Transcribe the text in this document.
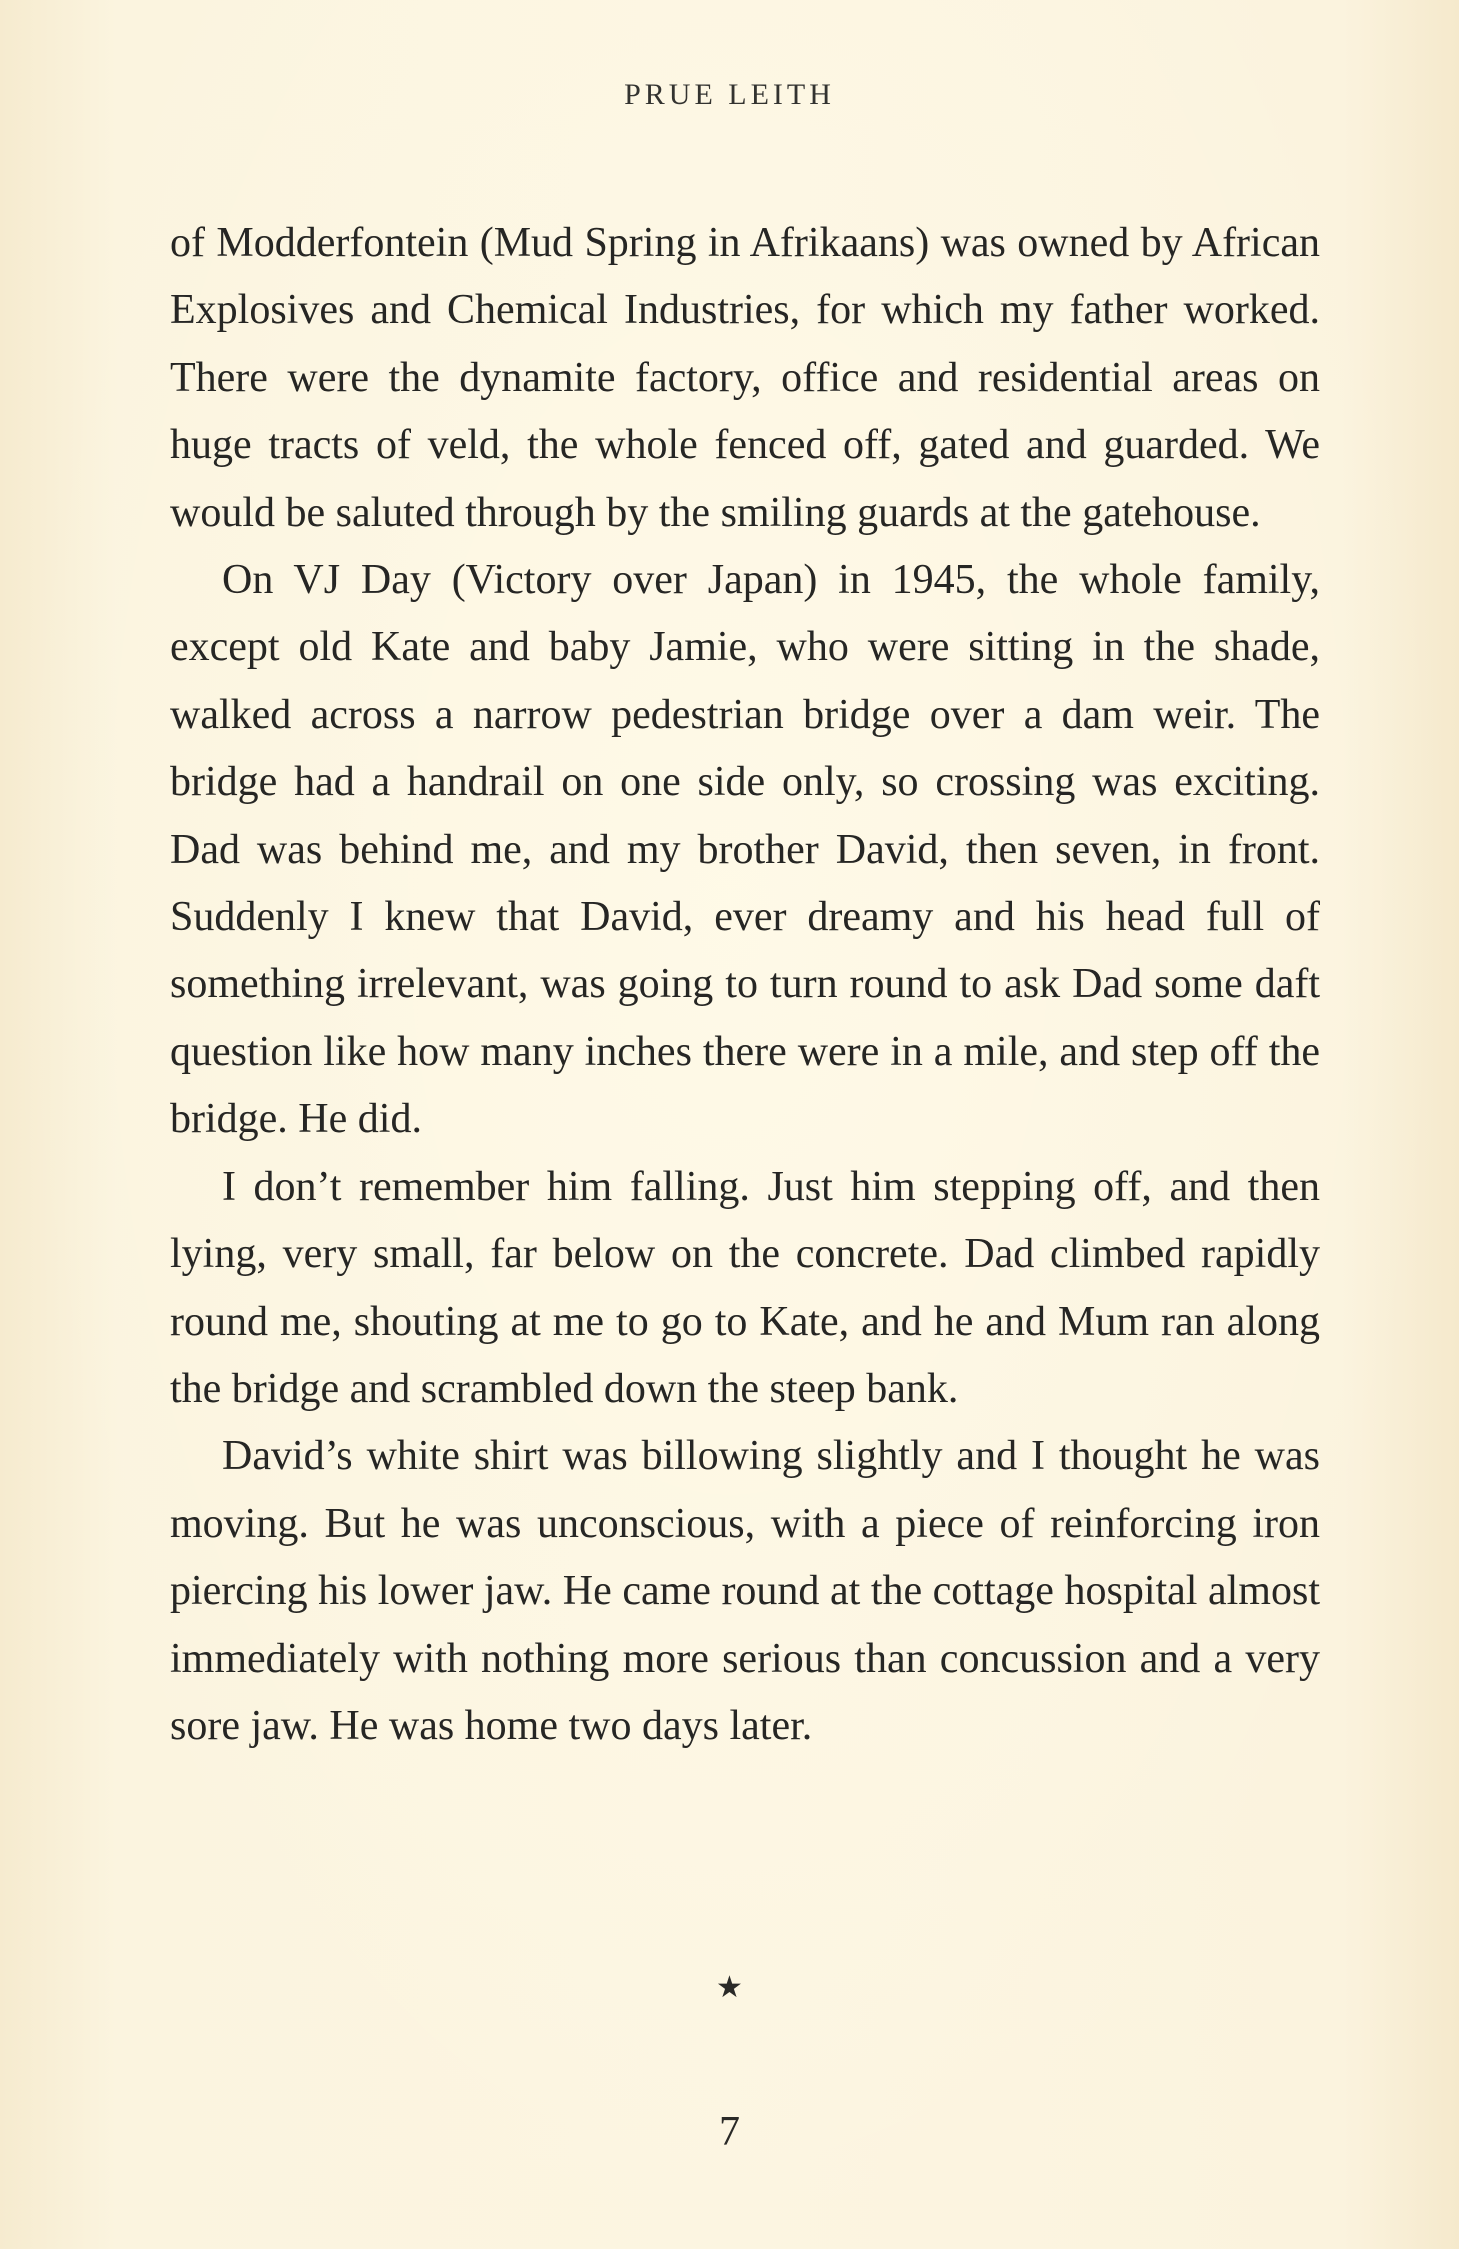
PRUE LEITH

of Modderfontein (Mud Spring in Afrikaans) was owned by African Explosives and Chemical Industries, for which my father worked. There were the dynamite factory, office and residential areas on huge tracts of veld, the whole fenced off, gated and guarded. We would be saluted through by the smiling guards at the gatehouse.

On VJ Day (Victory over Japan) in 1945, the whole family, except old Kate and baby Jamie, who were sitting in the shade, walked across a narrow pedestrian bridge over a dam weir. The bridge had a handrail on one side only, so crossing was exciting. Dad was behind me, and my brother David, then seven, in front. Suddenly I knew that David, ever dreamy and his head full of something irrelevant, was going to turn round to ask Dad some daft question like how many inches there were in a mile, and step off the bridge. He did.

I don’t remember him falling. Just him stepping off, and then lying, very small, far below on the concrete. Dad climbed rapidly round me, shouting at me to go to Kate, and he and Mum ran along the bridge and scrambled down the steep bank.

David’s white shirt was billowing slightly and I thought he was moving. But he was unconscious, with a piece of reinforcing iron piercing his lower jaw. He came round at the cottage hospital almost immediately with nothing more serious than concussion and a very sore jaw. He was home two days later.

★
7
